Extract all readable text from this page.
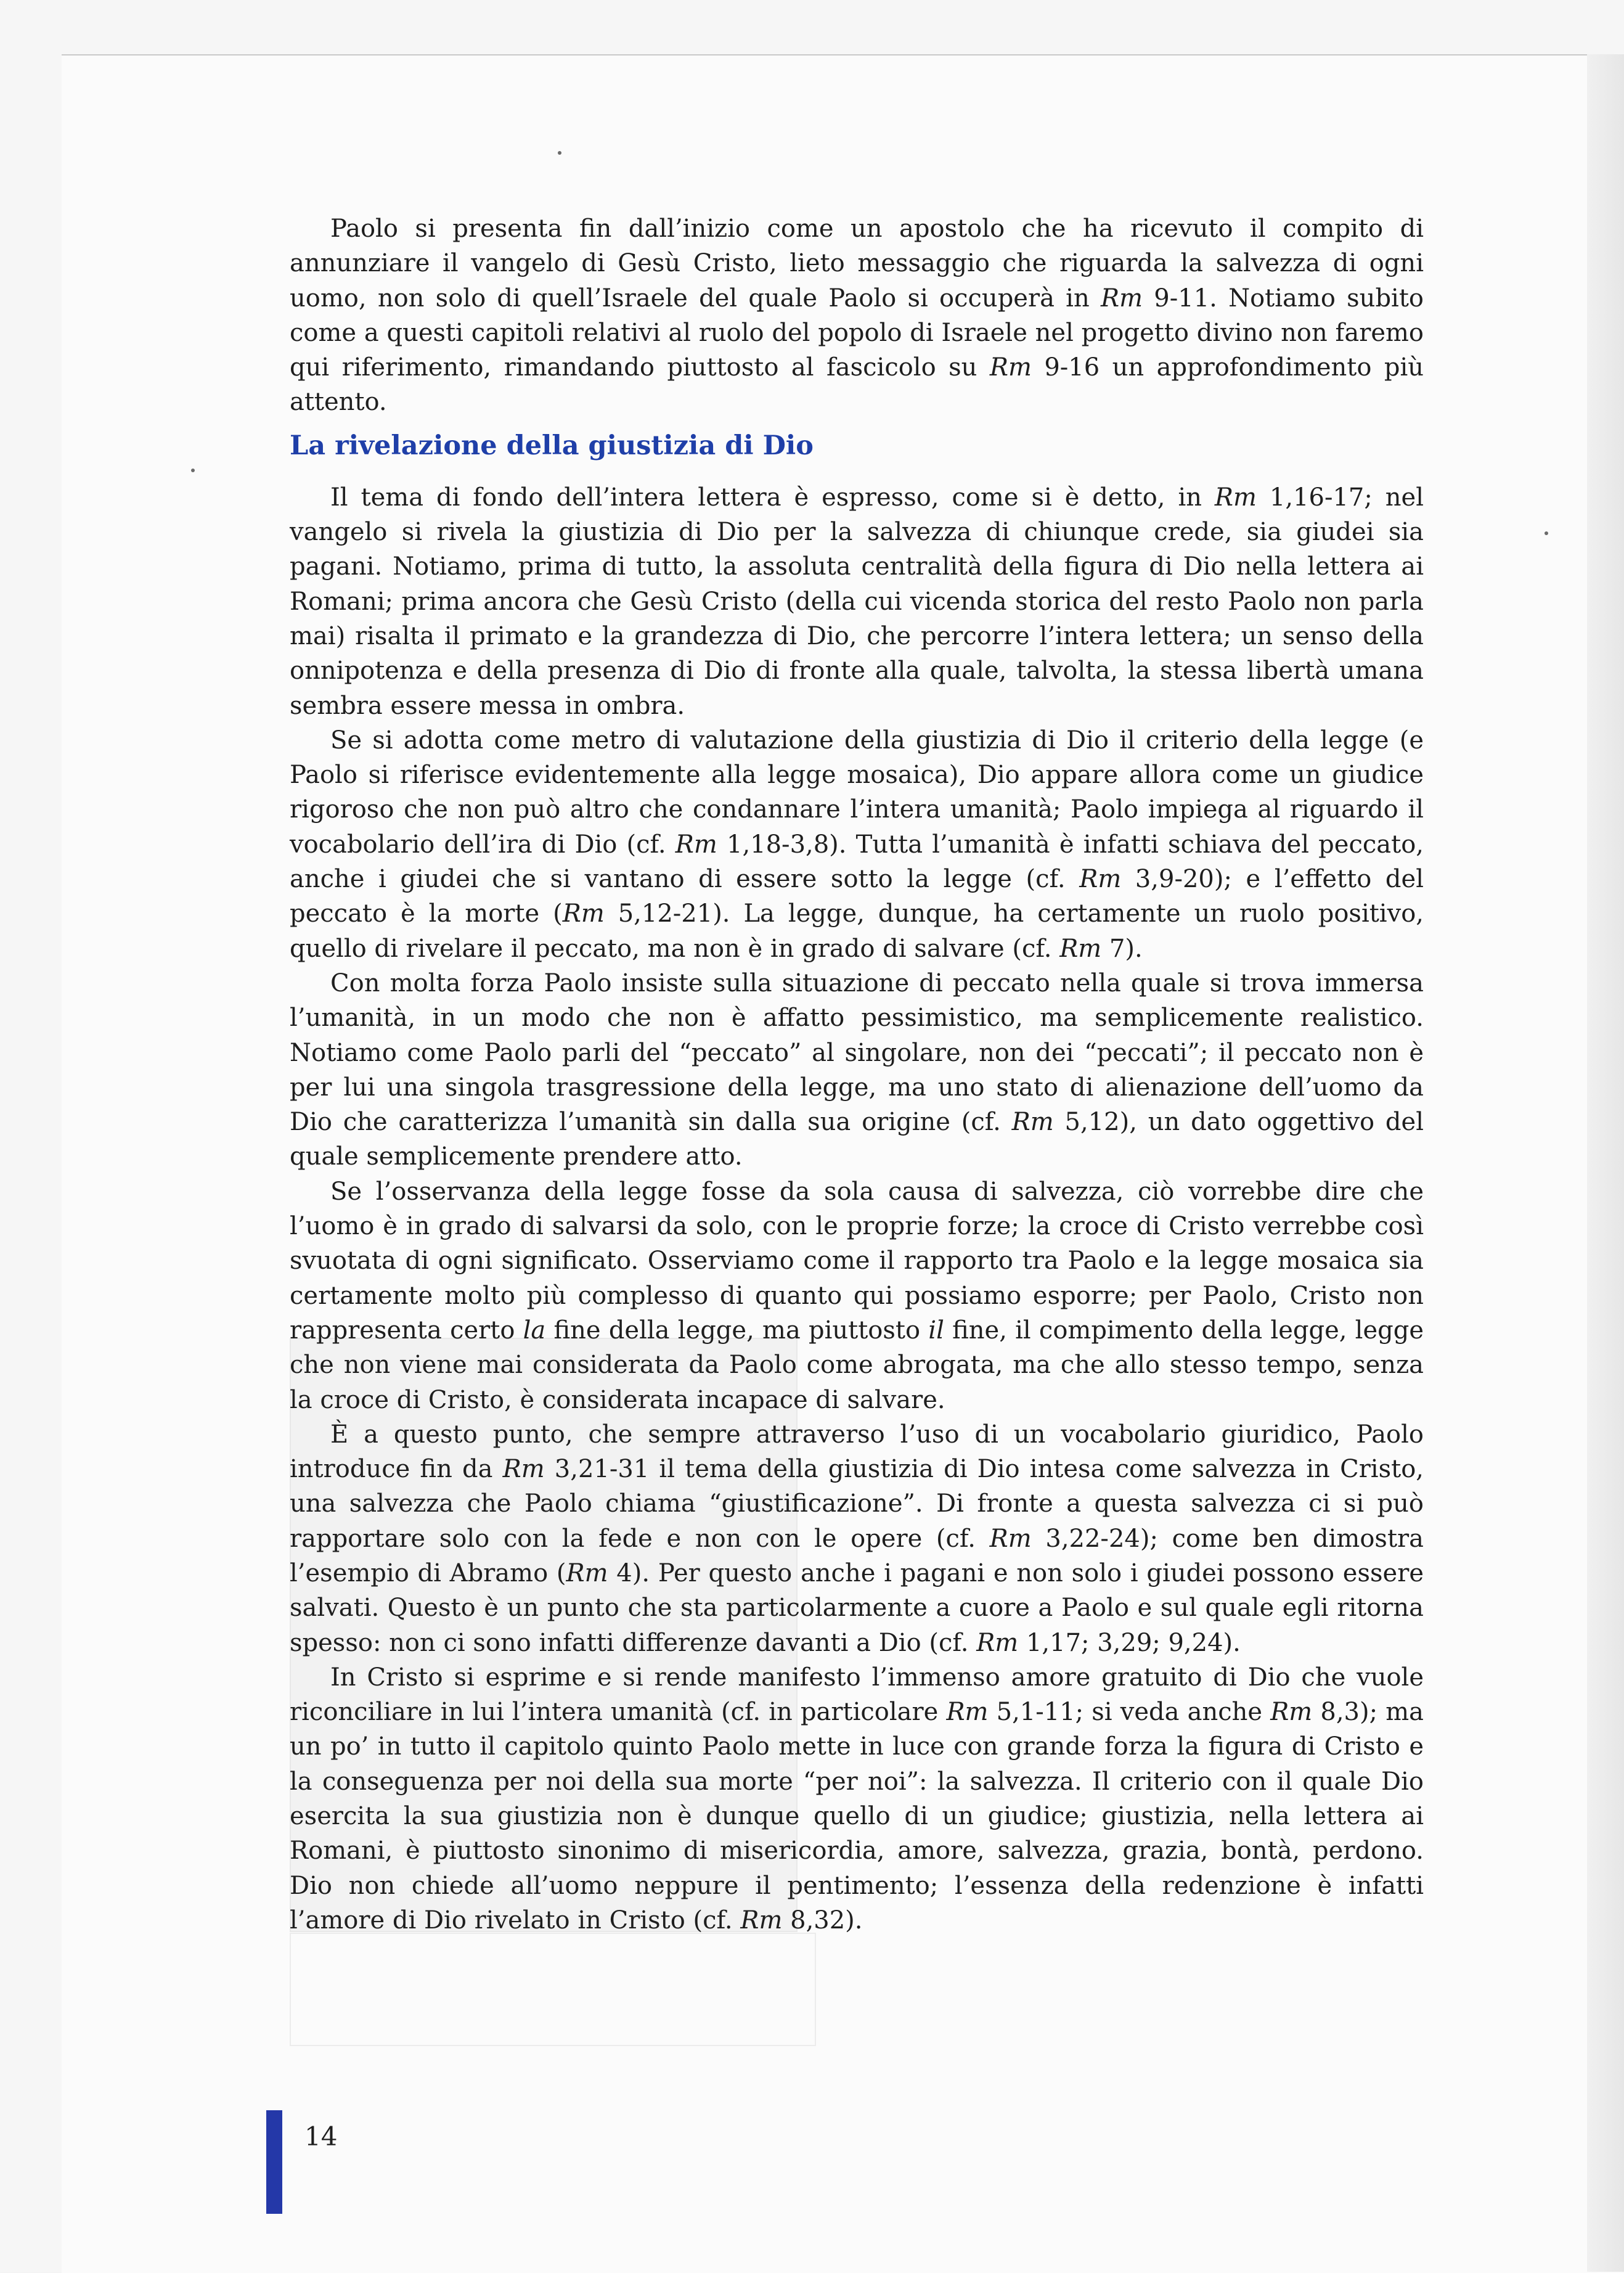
Paolo si presenta fin dall’inizio come un apostolo che ha ricevuto il compito di annunziare il vangelo di Gesù Cristo, lieto messaggio che riguarda la salvezza di ogni uomo, non solo di quell’Israele del quale Paolo si occuperà in Rm 9-11. Notiamo subito come a questi capitoli relativi al ruolo del popolo di Israele nel progetto divino non faremo qui riferimento, rimandando piuttosto al fascicolo su Rm 9-16 un approfondimento più attento.

La rivelazione della giustizia di Dio

Il tema di fondo dell’intera lettera è espresso, come si è detto, in Rm 1,16-17; nel vangelo si rivela la giustizia di Dio per la salvezza di chiunque crede, sia giudei sia pagani. Notiamo, prima di tutto, la assoluta centralità della figura di Dio nella lettera ai Romani; prima ancora che Gesù Cristo (della cui vicenda storica del resto Paolo non parla mai) risalta il primato e la grandezza di Dio, che percorre l’intera lettera; un senso della onnipotenza e della presenza di Dio di fronte alla quale, talvolta, la stessa libertà umana sembra essere messa in ombra.

Se si adotta come metro di valutazione della giustizia di Dio il criterio della legge (e Paolo si riferisce evidentemente alla legge mosaica), Dio appare allora come un giudice rigoroso che non può altro che condannare l’intera umanità; Paolo impiega al riguardo il vocabolario dell’ira di Dio (cf. Rm 1,18-3,8). Tutta l’umanità è infatti schiava del peccato, anche i giudei che si vantano di essere sotto la legge (cf. Rm 3,9-20); e l’effetto del peccato è la morte (Rm 5,12-21). La legge, dunque, ha certamente un ruolo positivo, quello di rivelare il peccato, ma non è in grado di salvare (cf. Rm 7).

Con molta forza Paolo insiste sulla situazione di peccato nella quale si trova immersa l’umanità, in un modo che non è affatto pessimistico, ma semplicemente realistico. Notiamo come Paolo parli del “peccato” al singolare, non dei “peccati”; il peccato non è per lui una singola trasgressione della legge, ma uno stato di alienazione dell’uomo da Dio che caratterizza l’umanità sin dalla sua origine (cf. Rm 5,12), un dato oggettivo del quale semplicemente prendere atto.

Se l’osservanza della legge fosse da sola causa di salvezza, ciò vorrebbe dire che l’uomo è in grado di salvarsi da solo, con le proprie forze; la croce di Cristo verrebbe così svuotata di ogni significato. Osserviamo come il rapporto tra Paolo e la legge mosaica sia certamente molto più complesso di quanto qui possiamo esporre; per Paolo, Cristo non rappresenta certo la fine della legge, ma piuttosto il fine, il compimento della legge, legge che non viene mai considerata da Paolo come abrogata, ma che allo stesso tempo, senza la croce di Cristo, è considerata incapace di salvare.

È a questo punto, che sempre attraverso l’uso di un vocabolario giuridico, Paolo introduce fin da Rm 3,21-31 il tema della giustizia di Dio intesa come salvezza in Cristo, una salvezza che Paolo chiama “giustificazione”. Di fronte a questa salvezza ci si può rapportare solo con la fede e non con le opere (cf. Rm 3,22-24); come ben dimostra l’esempio di Abramo (Rm 4). Per questo anche i pagani e non solo i giudei possono essere salvati. Questo è un punto che sta particolarmente a cuore a Paolo e sul quale egli ritorna spesso: non ci sono infatti differenze davanti a Dio (cf. Rm 1,17; 3,29; 9,24).

In Cristo si esprime e si rende manifesto l’immenso amore gratuito di Dio che vuole riconciliare in lui l’intera umanità (cf. in particolare Rm 5,1-11; si veda anche Rm 8,3); ma un po’ in tutto il capitolo quinto Paolo mette in luce con grande forza la figura di Cristo e la conseguenza per noi della sua morte “per noi”: la salvezza. Il criterio con il quale Dio esercita la sua giustizia non è dunque quello di un giudice; giustizia, nella lettera ai Romani, è piuttosto sinonimo di misericordia, amore, salvezza, grazia, bontà, perdono. Dio non chiede all’uomo neppure il pentimento; l’essenza della redenzione è infatti l’amore di Dio rivelato in Cristo (cf. Rm 8,32).

14
